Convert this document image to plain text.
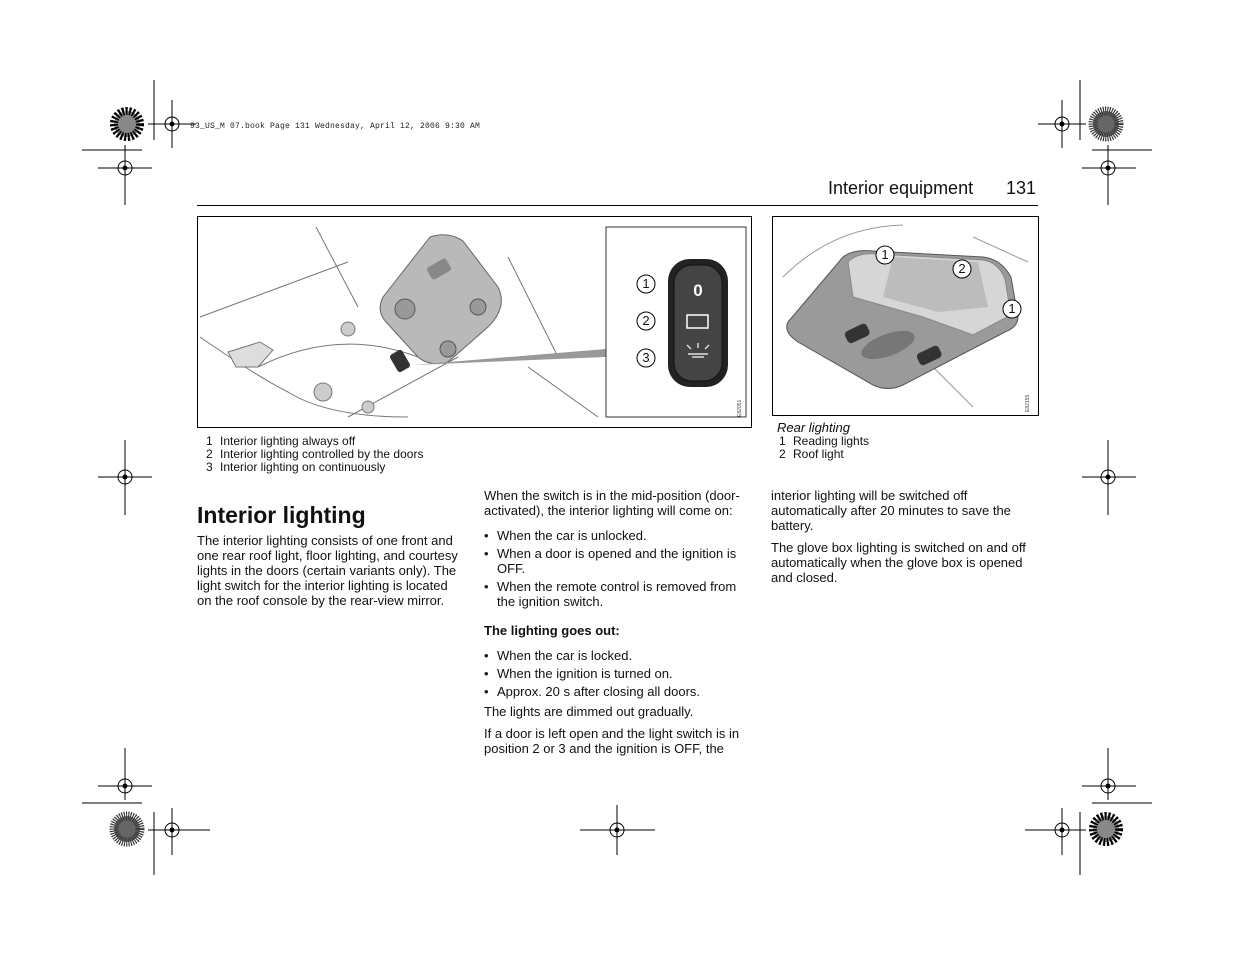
93_US_M 07.book Page 131 Wednesday, April 12, 2006 9:30 AM
Interior equipment 131
0
1
2
3
E82051
1 Interior lighting always off
2 Interior lighting controlled by the doors
3 Interior lighting on continuously
1
2
1
E82155
Rear lighting
1 Reading lights
2 Roof light
Interior lighting

The interior lighting consists of one front and one rear roof light, floor lighting, and courtesy lights in the doors (certain variants only). The light switch for the interior lighting is located on the roof console by the rear-view mirror.

When the switch is in the mid-position (door-activated), the interior lighting will come on:

• When the car is unlocked.
• When a door is opened and the ignition is OFF.
• When the remote control is removed from the ignition switch.
The lighting goes out:
• When the car is locked.
• When the ignition is turned on.
• Approx. 20 s after closing all doors.

The lights are dimmed out gradually.

If a door is left open and the light switch is in position 2 or 3 and the ignition is OFF, the

interior lighting will be switched off automatically after 20 minutes to save the battery.

The glove box lighting is switched on and off automatically when the glove box is opened and closed.
